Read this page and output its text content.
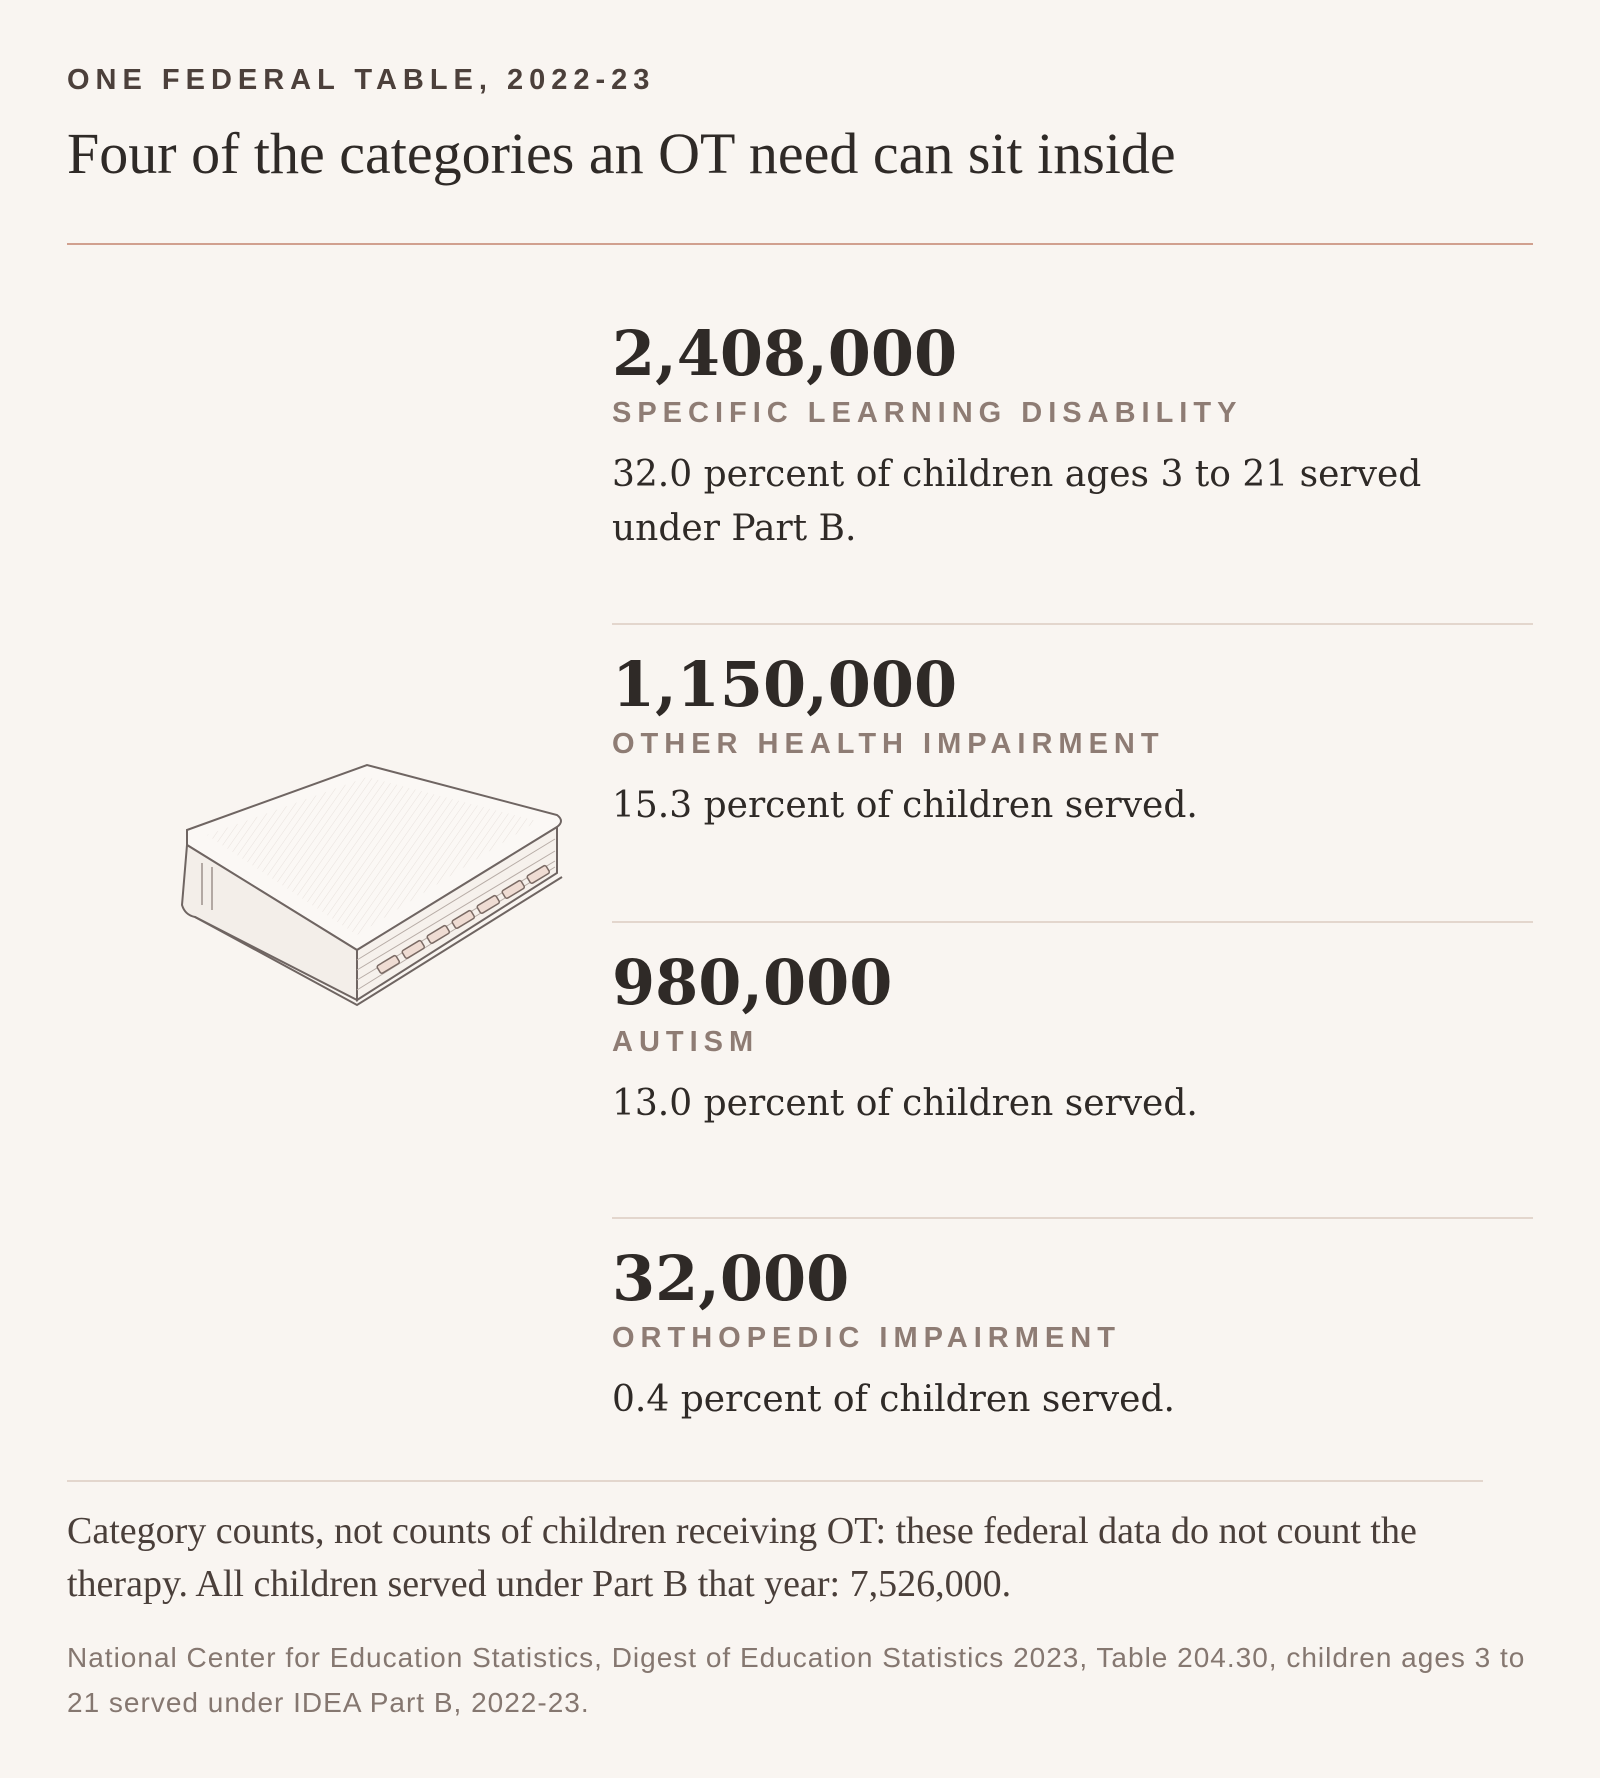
ONE FEDERAL TABLE, 2022-23
Four of the categories an OT need can sit inside
2,408,000
SPECIFIC LEARNING DISABILITY
32.0 percent of children ages 3 to 21 served under Part B.
1,150,000
OTHER HEALTH IMPAIRMENT
15.3 percent of children served.
980,000
AUTISM
13.0 percent of children served.
32,000
ORTHOPEDIC IMPAIRMENT
0.4 percent of children served.
Category counts, not counts of children receiving OT: these federal data do not count the therapy. All children served under Part B that year: 7,526,000.
National Center for Education Statistics, Digest of Education Statistics 2023, Table 204.30, children ages 3 to 21 served under IDEA Part B, 2022-23.
